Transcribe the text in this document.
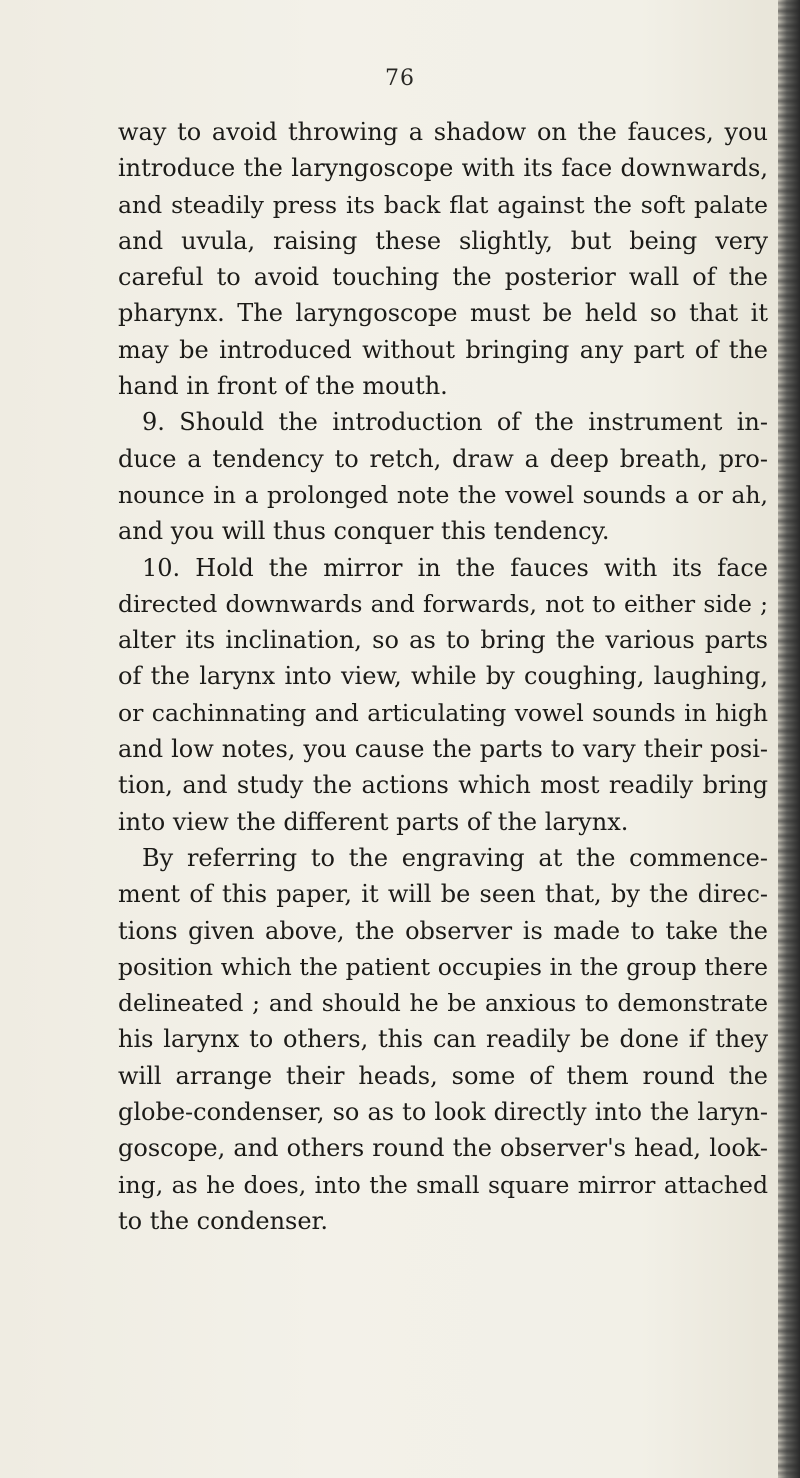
76
way to avoid throwing a shadow on the fauces, you
introduce the laryngoscope with its face downwards,
and steadily press its back flat against the soft palate
and uvula, raising these slightly, but being very
careful to avoid touching the posterior wall of the
pharynx. The laryngoscope must be held so that it
may be introduced without bringing any part of the
hand in front of the mouth.
9. Should the introduction of the instrument in-
duce a tendency to retch, draw a deep breath, pro-
nounce in a prolonged note the vowel sounds a or ah,
and you will thus conquer this tendency.
10. Hold the mirror in the fauces with its face
directed downwards and forwards, not to either side ;
alter its inclination, so as to bring the various parts
of the larynx into view, while by coughing, laughing,
or cachinnating and articulating vowel sounds in high
and low notes, you cause the parts to vary their posi-
tion, and study the actions which most readily bring
into view the different parts of the larynx.
By referring to the engraving at the commence-
ment of this paper, it will be seen that, by the direc-
tions given above, the observer is made to take the
position which the patient occupies in the group there
delineated ; and should he be anxious to demonstrate
his larynx to others, this can readily be done if they
will arrange their heads, some of them round the
globe-condenser, so as to look directly into the laryn-
goscope, and others round the observer's head, look-
ing, as he does, into the small square mirror attached
to the condenser.
